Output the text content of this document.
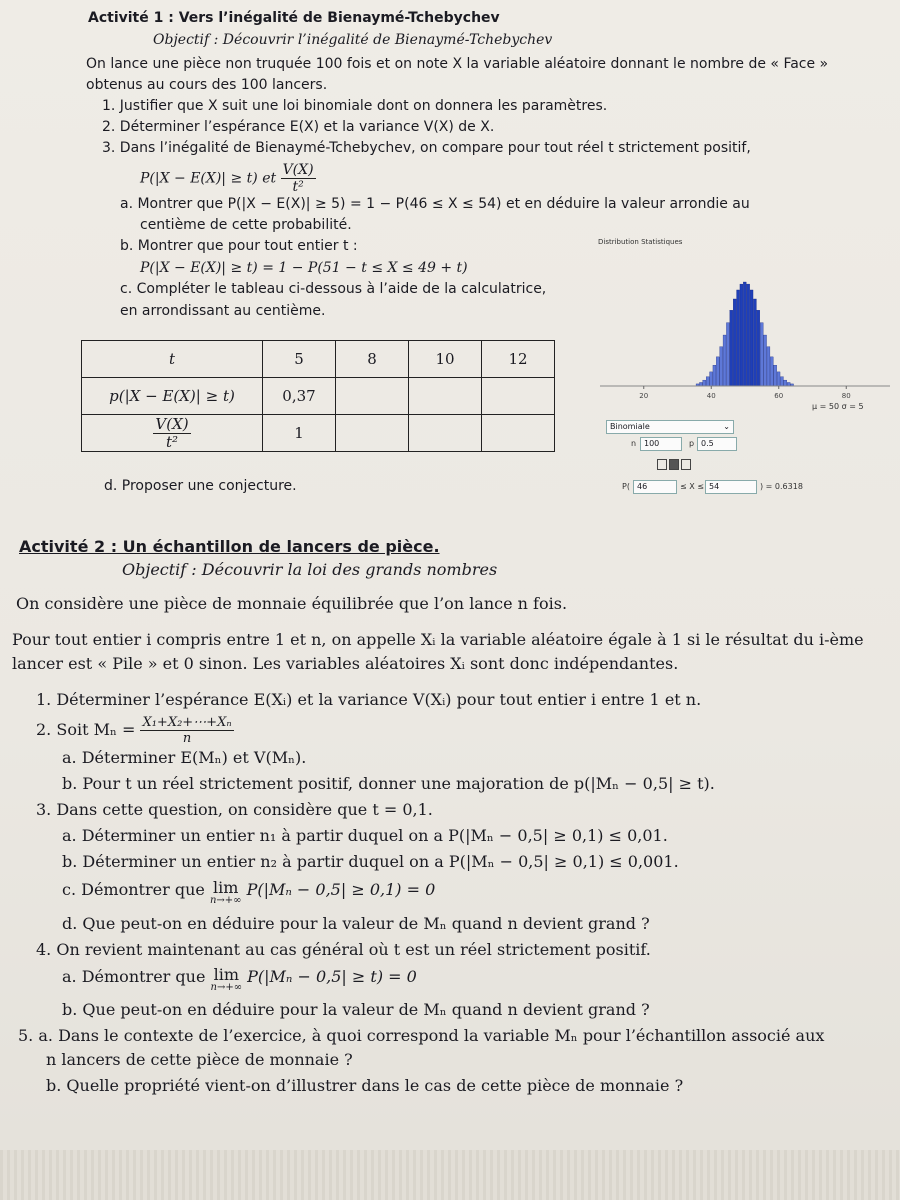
Activité 1 : Vers l’inégalité de Bienaymé-Tchebychev
Objectif : Découvrir l’inégalité de Bienaymé-Tchebychev
On lance une pièce non truquée 100 fois et on note X la variable aléatoire donnant le nombre de « Face »
obtenus au cours des 100 lancers.
1. Justifier que X suit une loi binomiale dont on donnera les paramètres.
2. Déterminer l’espérance E(X) et la variance V(X) de X.
3. Dans l’inégalité de Bienaymé-Tchebychev, on compare pour tout réel t strictement positif,
P(|X − E(X)| ≥ t) et $\frac{V(X)}{\text{t²}}$
a. Montrer que P(|X − E(X)| ≥ 5) = 1 − P(46 ≤ X ≤ 54) et en déduire la valeur arrondie au
centième de cette probabilité.
b. Montrer que pour tout entier t :
P(|X − E(X)| ≥ t) = 1 − P(51 − t ≤ X ≤ 49 + t)
c. Compléter le tableau ci-dessous à l’aide de la calculatrice,
en arrondissant au centième.
t	5	8	10	12
p(|X − E(X)| ≥ t)	0,37			

$\frac{V(X)}{\text{t²}}$	1			
Distribution Statistiques
20	40	60	80
μ = 50 σ = 5
Binomiale	⌄
n 100	p 0.5
P( 46	≤ X ≤ 54	) = 0.6318
d. Proposer une conjecture.
Activité 2 : Un échantillon de lancers de pièce.
Objectif : Découvrir la loi des grands nombres
On considère une pièce de monnaie équilibrée que l’on lance n fois.
Pour tout entier i compris entre 1 et n, on appelle Xᵢ la variable aléatoire égale à 1 si le résultat du i-ème
lancer est « Pile » et 0 sinon. Les variables aléatoires Xᵢ sont donc indépendantes.
1. Déterminer l’espérance E(Xᵢ) et la variance V(Xᵢ) pour tout entier i entre 1 et n.
2. Soit $M_n = \frac{\text{X₁+X₂+⋯+Xₙ}}{n}$
a. Déterminer E(Mₙ) et V(Mₙ).
b. Pour t un réel strictement positif, donner une majoration de p(|Mₙ − 0,5| ≥ t).
3. Dans cette question, on considère que t = 0,1.
a. Déterminer un entier n₁ à partir duquel on a P(|Mₙ − 0,5| ≥ 0,1) ≤ 0,01.
b. Déterminer un entier n₂ à partir duquel on a P(|Mₙ − 0,5| ≥ 0,1) ≤ 0,001.
c. Démontrer que lim
n→+∞
P(|Mₙ − 0,5| ≥ 0,1) = 0
d. Que peut-on en déduire pour la valeur de Mₙ quand n devient grand ?
4. On revient maintenant au cas général où t est un réel strictement positif.
a. Démontrer que lim
n→+∞
P(|Mₙ − 0,5| ≥ t) = 0
b. Que peut-on en déduire pour la valeur de Mₙ quand n devient grand ?
5. a. Dans le contexte de l’exercice, à quoi correspond la variable Mₙ pour l’échantillon associé aux
n lancers de cette pièce de monnaie ?
b. Quelle propriété vient-on d’illustrer dans le cas de cette pièce de monnaie ?
